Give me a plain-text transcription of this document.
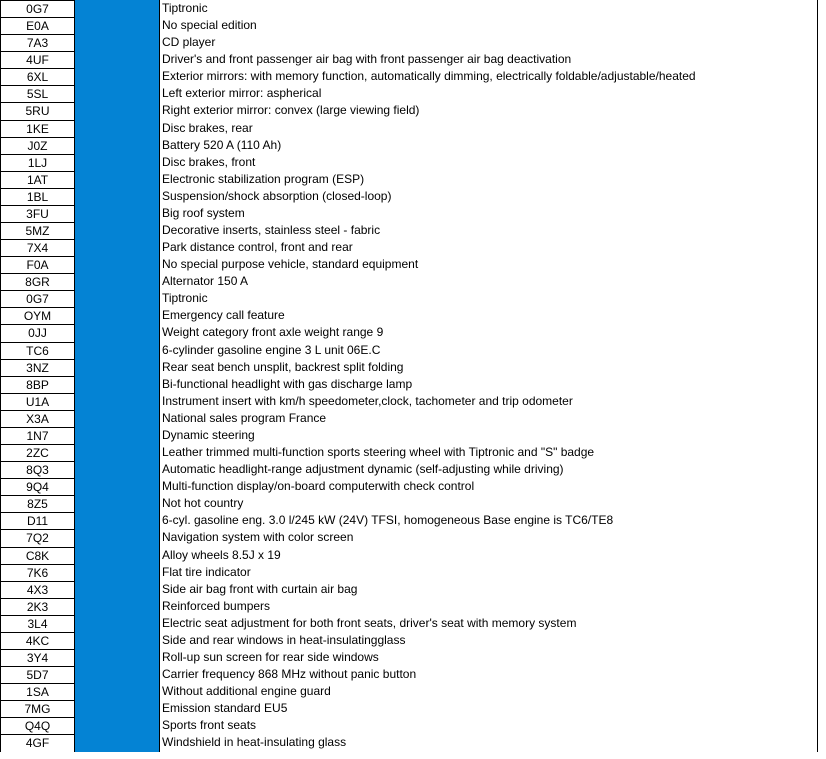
0G7
E0A
7A3
4UF
6XL
5SL
5RU
1KE
J0Z
1LJ
1AT
1BL
3FU
5MZ
7X4
F0A
8GR
0G7
OYM
0JJ
TC6
3NZ
8BP
U1A
X3A
1N7
2ZC
8Q3
9Q4
8Z5
D11
7Q2
C8K
7K6
4X3
2K3
3L4
4KC
3Y4
5D7
1SA
7MG
Q4Q
4GF
Tiptronic
No special edition
CD player
Driver's and front passenger air bag with front passenger air bag deactivation
Exterior mirrors: with memory function, automatically dimming, electrically foldable/adjustable/heated
Left exterior mirror: aspherical
Right exterior mirror: convex (large viewing field)
Disc brakes, rear
Battery 520 A (110 Ah)
Disc brakes, front
Electronic stabilization program (ESP)
Suspension/shock absorption (closed-loop)
Big roof system
Decorative inserts, stainless steel - fabric
Park distance control, front and rear
No special purpose vehicle, standard equipment
Alternator 150 A
Tiptronic
Emergency call feature
Weight category front axle weight range 9
6-cylinder gasoline engine 3 L unit 06E.C
Rear seat bench unsplit, backrest split folding
Bi-functional headlight with gas discharge lamp
Instrument insert with km/h speedometer,clock, tachometer and trip odometer
National sales program France
Dynamic steering
Leather trimmed multi-function sports steering wheel with Tiptronic and "S" badge
Automatic headlight-range adjustment dynamic (self-adjusting while driving)
Multi-function display/on-board computerwith check control
Not hot country
6-cyl. gasoline eng. 3.0 l/245 kW (24V) TFSI, homogeneous Base engine is TC6/TE8
Navigation system with color screen
Alloy wheels 8.5J x 19
Flat tire indicator
Side air bag front with curtain air bag
Reinforced bumpers
Electric seat adjustment for both front seats, driver's seat with memory system
Side and rear windows in heat-insulatingglass
Roll-up sun screen for rear side windows
Carrier frequency 868 MHz without panic button
Without additional engine guard
Emission standard EU5
Sports front seats
Windshield in heat-insulating glass
